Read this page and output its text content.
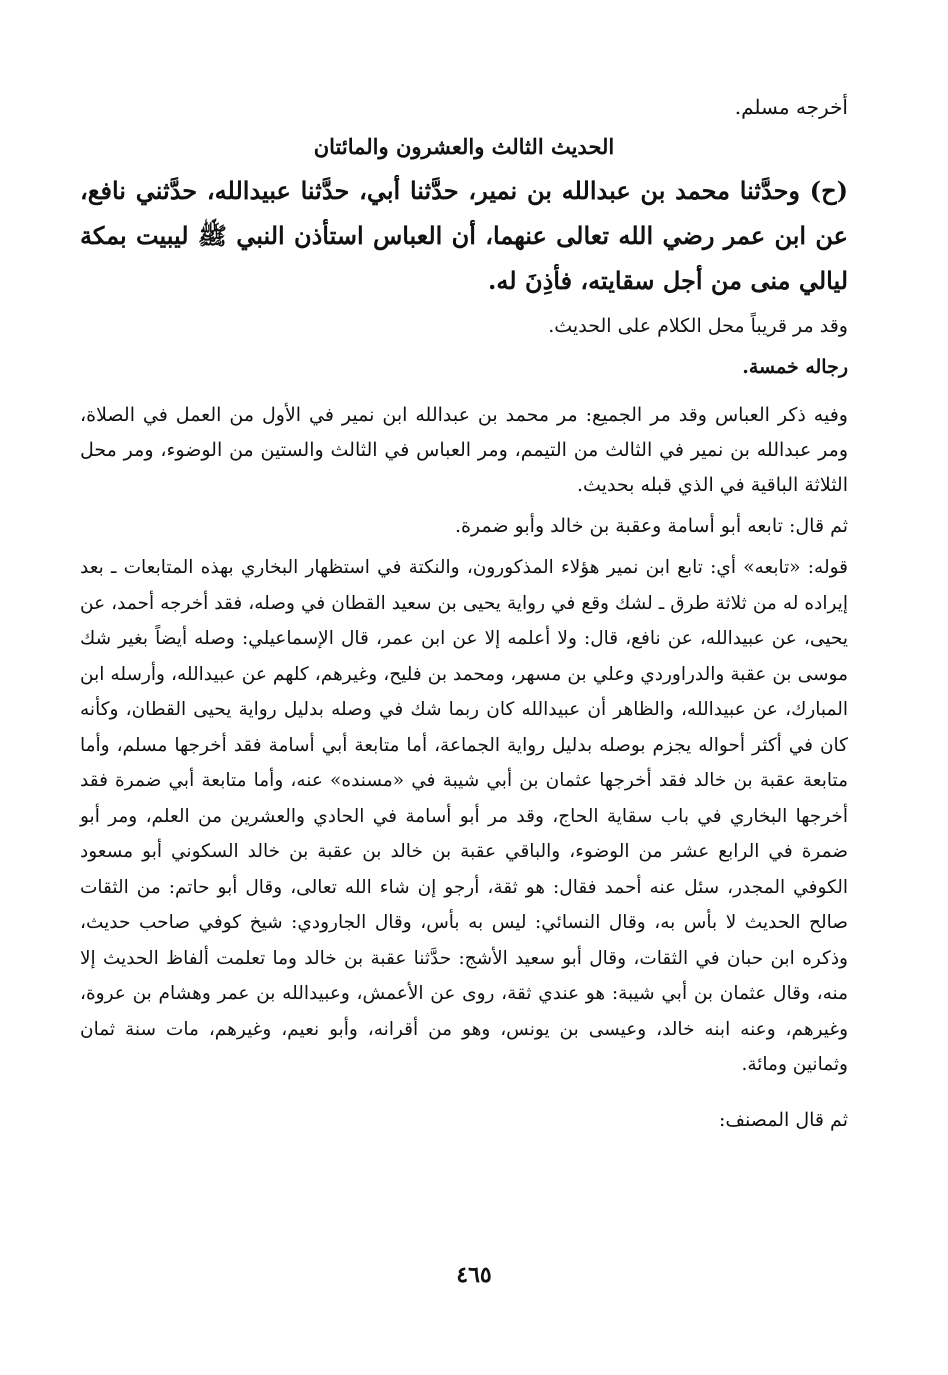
أخرجه مسلم.

الحديث الثالث والعشرون والمائتان

(ح) وحدَّثنا محمد بن عبدالله بن نمير، حدَّثنا أبي، حدَّثنا عبيدالله، حدَّثني نافع، عن ابن عمر رضي الله تعالى عنهما، أن العباس استأذن النبي ﷺ ليبيت بمكة ليالي منى من أجل سقايته، فأذِنَ له.

وقد مر قريباً محل الكلام على الحديث.

رجاله خمسة.

وفيه ذكر العباس وقد مر الجميع: مر محمد بن عبدالله ابن نمير في الأول من العمل في الصلاة، ومر عبدالله بن نمير في الثالث من التيمم، ومر العباس في الثالث والستين من الوضوء، ومر محل الثلاثة الباقية في الذي قبله بحديث.

ثم قال: تابعه أبو أسامة وعقبة بن خالد وأبو ضمرة.

قوله: «تابعه» أي: تابع ابن نمير هؤلاء المذكورون، والنكتة في استظهار البخاري بهذه المتابعات ـ بعد إيراده له من ثلاثة طرق ـ لشك وقع في رواية يحيى بن سعيد القطان في وصله، فقد أخرجه أحمد، عن يحيى، عن عبيدالله، عن نافع، قال: ولا أعلمه إلا عن ابن عمر، قال الإسماعيلي: وصله أيضاً بغير شك موسى بن عقبة والدراوردي وعلي بن مسهر، ومحمد بن فليح، وغيرهم، كلهم عن عبيدالله، وأرسله ابن المبارك، عن عبيدالله، والظاهر أن عبيدالله كان ربما شك في وصله بدليل رواية يحيى القطان، وكأنه كان في أكثر أحواله يجزم بوصله بدليل رواية الجماعة، أما متابعة أبي أسامة فقد أخرجها مسلم، وأما متابعة عقبة بن خالد فقد أخرجها عثمان بن أبي شيبة في «مسنده» عنه، وأما متابعة أبي ضمرة فقد أخرجها البخاري في باب سقاية الحاج، وقد مر أبو أسامة في الحادي والعشرين من العلم، ومر أبو ضمرة في الرابع عشر من الوضوء، والباقي عقبة بن خالد بن عقبة بن خالد السكوني أبو مسعود الكوفي المجدر، سئل عنه أحمد فقال: هو ثقة، أرجو إن شاء الله تعالى، وقال أبو حاتم: من الثقات صالح الحديث لا بأس به، وقال النسائي: ليس به بأس، وقال الجارودي: شيخ كوفي صاحب حديث، وذكره ابن حبان في الثقات، وقال أبو سعيد الأشج: حدَّثنا عقبة بن خالد وما تعلمت ألفاظ الحديث إلا منه، وقال عثمان بن أبي شيبة: هو عندي ثقة، روى عن الأعمش، وعبيدالله بن عمر وهشام بن عروة، وغيرهم، وعنه ابنه خالد، وعيسى بن يونس، وهو من أقرانه، وأبو نعيم، وغيرهم، مات سنة ثمان وثمانين ومائة.

ثم قال المصنف:

٤٦٥
